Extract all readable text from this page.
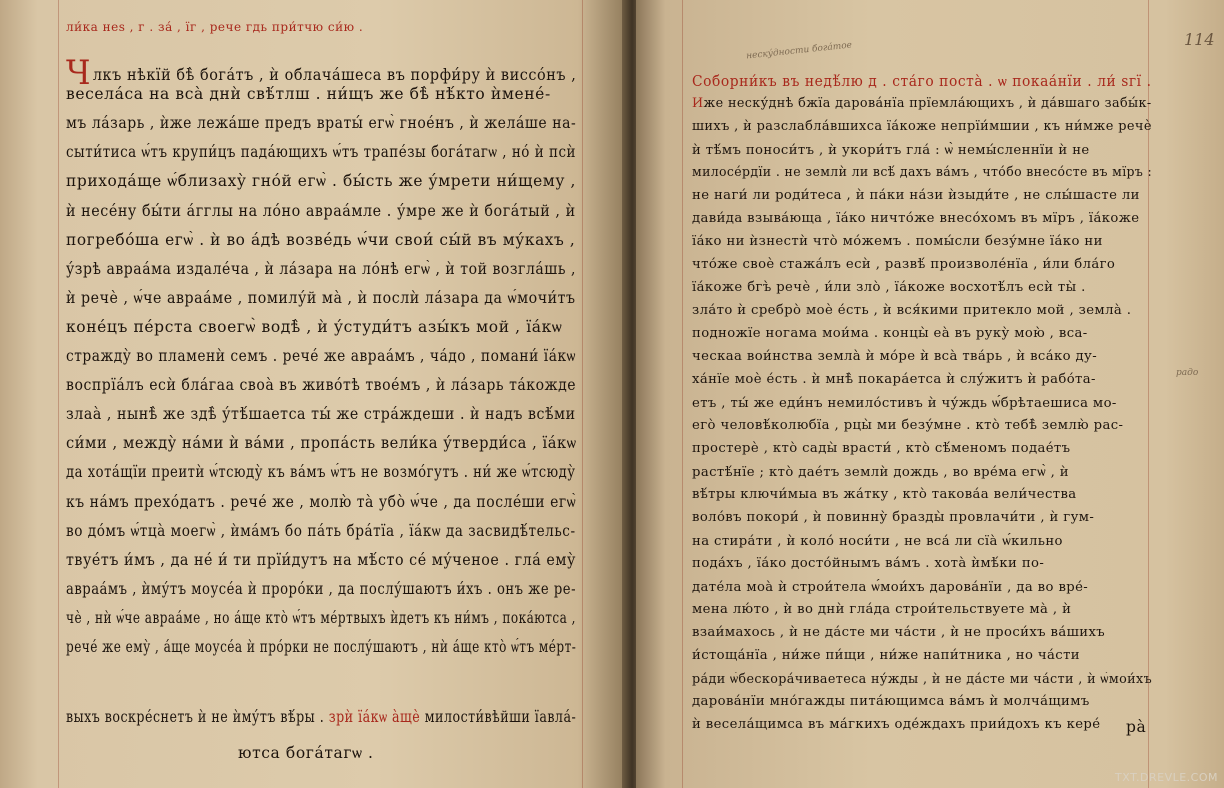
ли́ка неѕ , г . за́ , їг , рече гдь при́тчю си́ю .
Члкъ нѣкїй бѣ̀ бога́тъ , ѝ облача́шеса въ порфи́ру ѝ виссо́нъ ,
весела́са на вса̀ днѝ свѣ́тлш . ни́щъ же бѣ̀ нѣ́кто ѝмене́-
мъ ла́зарь , ѝже лежа́ше предъ враты́ егѡ̀ гное́нъ , ѝ жела́ше на-
сыти́тиса ѡ́тъ крупи́цъ пада́ющихъ ѡ́тъ трапе́зы бога́тагѡ , но́ ѝ псѝ
прихода́ще ѡ́близаху̀ гно́й егѡ̀ . бы́сть же у́мрети ни́щему ,
ѝ несе́ну бы́ти а́гглы на ло́но авраа́мле . у́мре же ѝ бога́тый , ѝ
погребо́ша егѡ̀ . ѝ во а́дѣ возве́дь ѡ́чи свои́ сы́й въ му́кахъ ,
у́зрѣ авраа́ма издале́ча , ѝ ла́зара на ло́нѣ егѡ̀ , ѝ той возгла́шь ,
ѝ речѐ , ѡ́че авраа́ме , помилу́й ма̀ , ѝ послѝ ла́зара да ѡ́мочи́тъ
коне́цъ пе́рста своегѡ̀ водѣ̀ , ѝ у́студи́тъ азы́къ мой , їа́кѡ
стражду̀ во пламенѝ семъ . рече́ же авраа́мъ , ча́до , помани́ їа́кѡ
воспрїа́лъ есѝ бла́гаа своа̀ въ живо́тѣ твое́мъ , ѝ ла́зарь та́кожде
злаа̀ , нынѣ̀ же здѣ̀ у́тѣ́шаетса ты́ же стра́ждеши . ѝ надъ всѣ́ми
си́ми , между̀ на́ми ѝ ва́ми , пропа́сть вели́ка у́тверди́са , їа́кѡ
да хота́щїи преитѝ ѡ́тсюду̀ къ ва́мъ ѡ́тъ не возмо́гутъ . ни́ же ѡ́тсюду̀
къ на́мъ прехо́датъ . рече́ же , молю̀ та̀ убо̀ ѡ́че , да после́ши егѡ̀
во до́мъ ѡ́тца̀ моегѡ̀ , ѝма́мъ бо па́ть бра́тїа , їа́кѡ да засвидѣ́тельс-
твуе́тъ и́мъ , да не́ и́ ти прїи́дутъ на мѣ́сто се́ му́ченое . гла́ ему̀
авраа́мъ , ѝму́тъ моусе́а ѝ проро́ки , да послу́шаютъ и́хъ . онъ же ре-
чѐ , нѝ ѡ́че авраа́ме , но а́ще кто̀ ѡ́тъ ме́ртвыхъ ѝдетъ къ ни́мъ , пока́ютса ,
рече́ же ему̀ , а́ще моусе́а ѝ про́рки не послу́шаютъ , нѝ а́ще кто̀ ѡ́тъ ме́рт-
выхъ воскре́снетъ ѝ не ѝму́тъ вѣ́ры . зрѝ їа́кѡ а̀щѐ милости́вѣйши їавла́-
ютса бога́тагѡ .
114
неску́дности бога́тое
радо
Соборни́къ въ недѣ́лю д . ста́го поста̀ . ѡ покаа́нїи . ли́ ѕгї .
Иже неску́днѣ бжїа дарова́нїа прїемла́ющихъ , ѝ да́вшаго забы́к-
шихъ , ѝ разслабла́вшихса їа́коже непрїи́мшии , къ ни́мже речѐ
ѝ тѣ́мъ поноси́тъ , ѝ укори́тъ гла́ : ѡ̀ немы́сленнїи ѝ не
милосе́рдїи . не землѝ ли всѣ́ дахъ ва́мъ , что́бо внесо́сте въ мїръ :
не наги́ ли роди́теса , ѝ па́ки на́зи ѝзыди́те , не слы́шасте ли
дави́да взыва́юща , їа́ко ничто́же внесо́хомъ въ мїръ , їа́коже
їа́ко ни ѝзнестѝ что̀ мо́жемъ . помы́сли безу́мне їа́ко ни
что́же своѐ стажа́лъ есѝ , развѣ́ произволе́нїа , и́ли бла́го
їа́коже бгъ̀ речѐ , и́ли зло̀ , їа́коже восхотѣ́лъ есѝ ты̀ .
зла́то ѝ сребро̀ моѐ е́сть , ѝ вся́кими притекло мой , земла̀ .
подножїе ногама мои́ма . концы̀ еа̀ въ руку̀ мою̀ , вса-
ческаа вои́нства земла̀ ѝ мо́ре ѝ вса̀ тва́рь , ѝ вса́ко ду-
ха́нїе моѐ е́сть . ѝ мнѣ̀ покара́етса ѝ слу́житъ ѝ рабо́та-
етъ , ты́ же еди́нъ немило́стивъ ѝ чу́ждь ѡ́брѣтаешиса мо-
его̀ человѣ́колюбїа , рцы̀ ми безу́мне . кто̀ тебѣ̀ землю̀ рас-
простерѐ , кто̀ сады̀ врасти́ , кто̀ сѣ́меномъ подае́тъ
растѣ́нїе ; кто̀ дае́тъ землѝ дождь , во вре́ма егѡ̀ , ѝ
вѣ́тры ключи́мыа въ жа́тку , кто̀ такова́а вели́чества
воло́въ покори́ , ѝ повинну̀ бразды̀ провлачи́ти , ѝ гум-
на стира́ти , ѝ коло́ носи́ти , не вса́ ли сїа̀ ѡ́кильно
пода́хъ , їа́ко досто́йнымъ ва́мъ . хота̀ ѝмѣ́ки по-
дате́ла моа̀ ѝ строи́тела ѡ́мои́хъ дарова́нїи , да во вре́-
мена лю́то , ѝ во днѝ гла́да строи́тельствуете ма̀ , ѝ
взаи́махось , ѝ не да́сте ми ча́сти , ѝ не проси́хъ ва́шихъ
и́стоща́нїа , ни́же пи́щи , ни́же напи́тника , но ча́сти
ра́ди ѡ́бескора́чиваетеса ну́жды , ѝ не да́сте ми ча́сти , ѝ ѡ́мои́хъ
дарова́нїи мно́гажды пита́ющимса ва́мъ ѝ молча́щимъ
ѝ весела́щимса въ ма́гкихъ оде́ждахъ прии́дохъ къ кере́ ра̀
TXT.DREVLE.COM
